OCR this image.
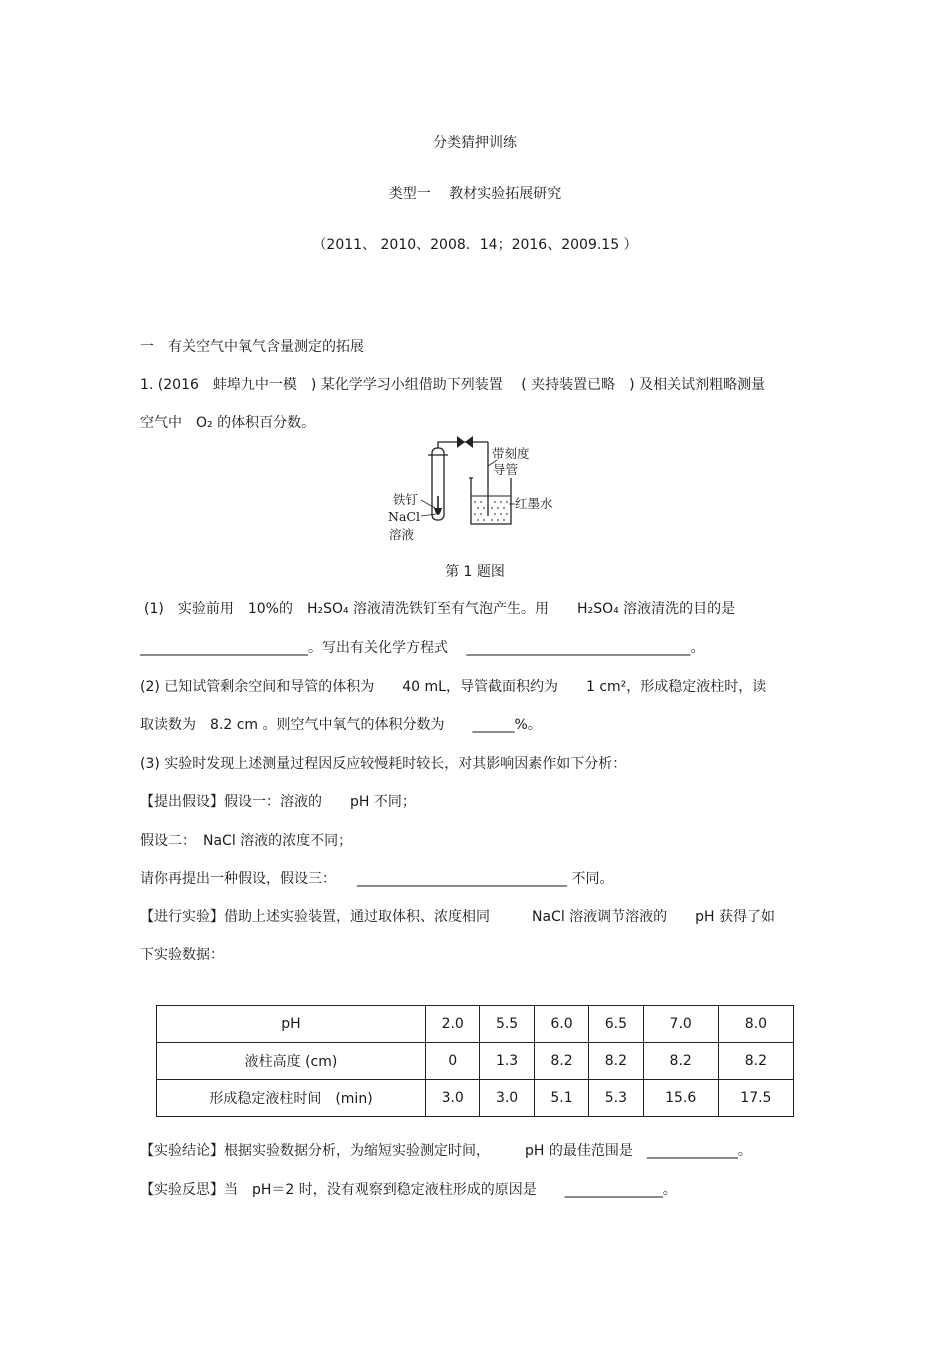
分类猜押训练
类型一　 教材实验拓展研究
（2011、 2010、2008．14；2016、2009.15 ）
一　有关空气中氧气含量测定的拓展
1. (2016　蚌埠九中一模　) 某化学学习小组借助下列装置　 ( 夹持装置已略　) 及相关试剂粗略测量
空气中　O₂ 的体积百分数。
带刻度
导管
铁钉
NaCl
溶液
红墨水
第 1 题图
(1)　实验前用　10%的　H₂SO₄ 溶液清洗铁钉至有气泡产生。用　　H₂SO₄ 溶液清洗的目的是
________________________。写出有关化学方程式　 ________________________________。
(2) 已知试管剩余空间和导管的体积为　　40 mL，导管截面积约为　　1 cm²，形成稳定液柱时，读
取读数为　8.2 cm 。则空气中氧气的体积分数为　　______%。
(3) 实验时发现上述测量过程因反应较慢耗时较长，对其影响因素作如下分析：
【提出假设】假设一：溶液的　　pH 不同；
假设二：　NaCl 溶液的浓度不同；
请你再提出一种假设，假设三：　　______________________________ 不同。
【进行实验】借助上述实验装置，通过取体积、浓度相同　　　NaCl 溶液调节溶液的　　pH 获得了如
下实验数据：
pH	2.0	5.5	6.0	6.5	7.0	8.0
液柱高度 (cm)	0	1.3	8.2	8.2	8.2	8.2
形成稳定液柱时间　(min)	3.0	3.0	5.1	5.3	15.6	17.5
【实验结论】根据实验数据分析，为缩短实验测定时间，　　　pH 的最佳范围是　_____________。
【实验反思】当　pH＝2 时，没有观察到稳定液柱形成的原因是　　______________。
